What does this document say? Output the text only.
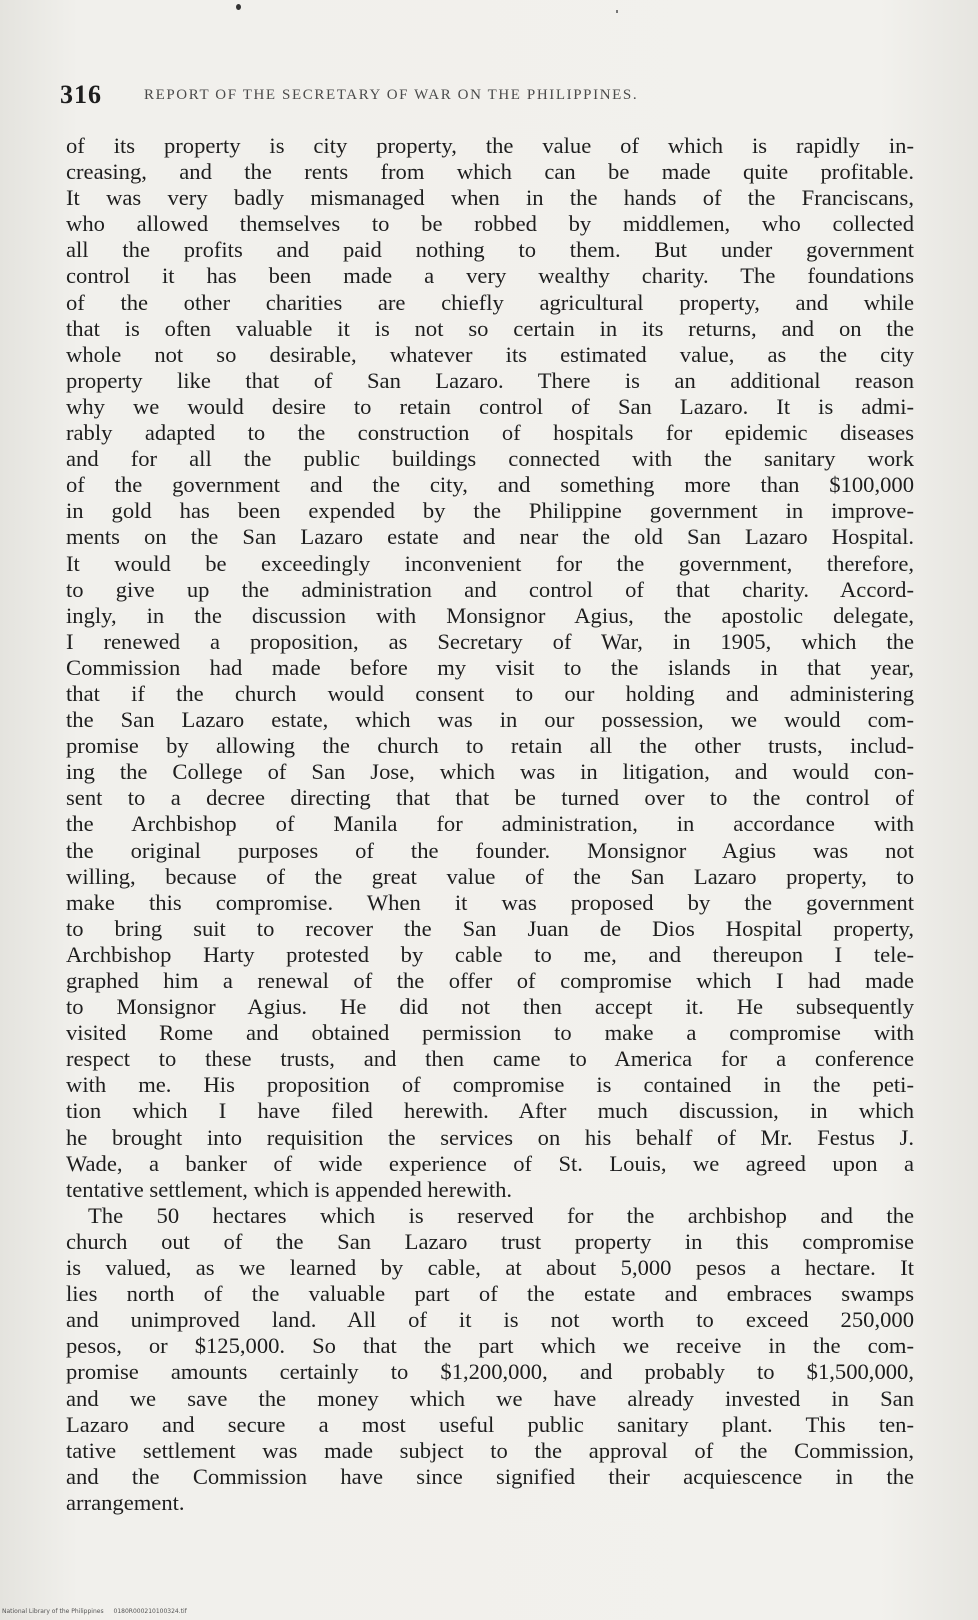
316	REPORT OF THE SECRETARY OF WAR ON THE PHILIPPINES.
of its property is city property, the value of which is rapidly in-
creasing, and the rents from which can be made quite profitable.
It was very badly mismanaged when in the hands of the Franciscans,
who allowed themselves to be robbed by middlemen, who collected
all the profits and paid nothing to them. But under government
control it has been made a very wealthy charity. The foundations
of the other charities are chiefly agricultural property, and while
that is often valuable it is not so certain in its returns, and on the
whole not so desirable, whatever its estimated value, as the city
property like that of San Lazaro. There is an additional reason
why we would desire to retain control of San Lazaro. It is admi-
rably adapted to the construction of hospitals for epidemic diseases
and for all the public buildings connected with the sanitary work
of the government and the city, and something more than $100,000
in gold has been expended by the Philippine government in improve-
ments on the San Lazaro estate and near the old San Lazaro Hospital.
It would be exceedingly inconvenient for the government, therefore,
to give up the administration and control of that charity. Accord-
ingly, in the discussion with Monsignor Agius, the apostolic delegate,
I renewed a proposition, as Secretary of War, in 1905, which the
Commission had made before my visit to the islands in that year,
that if the church would consent to our holding and administering
the San Lazaro estate, which was in our possession, we would com-
promise by allowing the church to retain all the other trusts, includ-
ing the College of San Jose, which was in litigation, and would con-
sent to a decree directing that that be turned over to the control of
the Archbishop of Manila for administration, in accordance with
the original purposes of the founder. Monsignor Agius was not
willing, because of the great value of the San Lazaro property, to
make this compromise. When it was proposed by the government
to bring suit to recover the San Juan de Dios Hospital property,
Archbishop Harty protested by cable to me, and thereupon I tele-
graphed him a renewal of the offer of compromise which I had made
to Monsignor Agius. He did not then accept it. He subsequently
visited Rome and obtained permission to make a compromise with
respect to these trusts, and then came to America for a conference
with me. His proposition of compromise is contained in the peti-
tion which I have filed herewith. After much discussion, in which
he brought into requisition the services on his behalf of Mr. Festus J.
Wade, a banker of wide experience of St. Louis, we agreed upon a
tentative settlement, which is appended herewith.
The 50 hectares which is reserved for the archbishop and the
church out of the San Lazaro trust property in this compromise
is valued, as we learned by cable, at about 5,000 pesos a hectare. It
lies north of the valuable part of the estate and embraces swamps
and unimproved land. All of it is not worth to exceed 250,000
pesos, or $125,000. So that the part which we receive in the com-
promise amounts certainly to $1,200,000, and probably to $1,500,000,
and we save the money which we have already invested in San
Lazaro and secure a most useful public sanitary plant. This ten-
tative settlement was made subject to the approval of the Commission,
and the Commission have since signified their acquiescence in the
arrangement.
National Library of the Philippines 0180R000210100324.tif
